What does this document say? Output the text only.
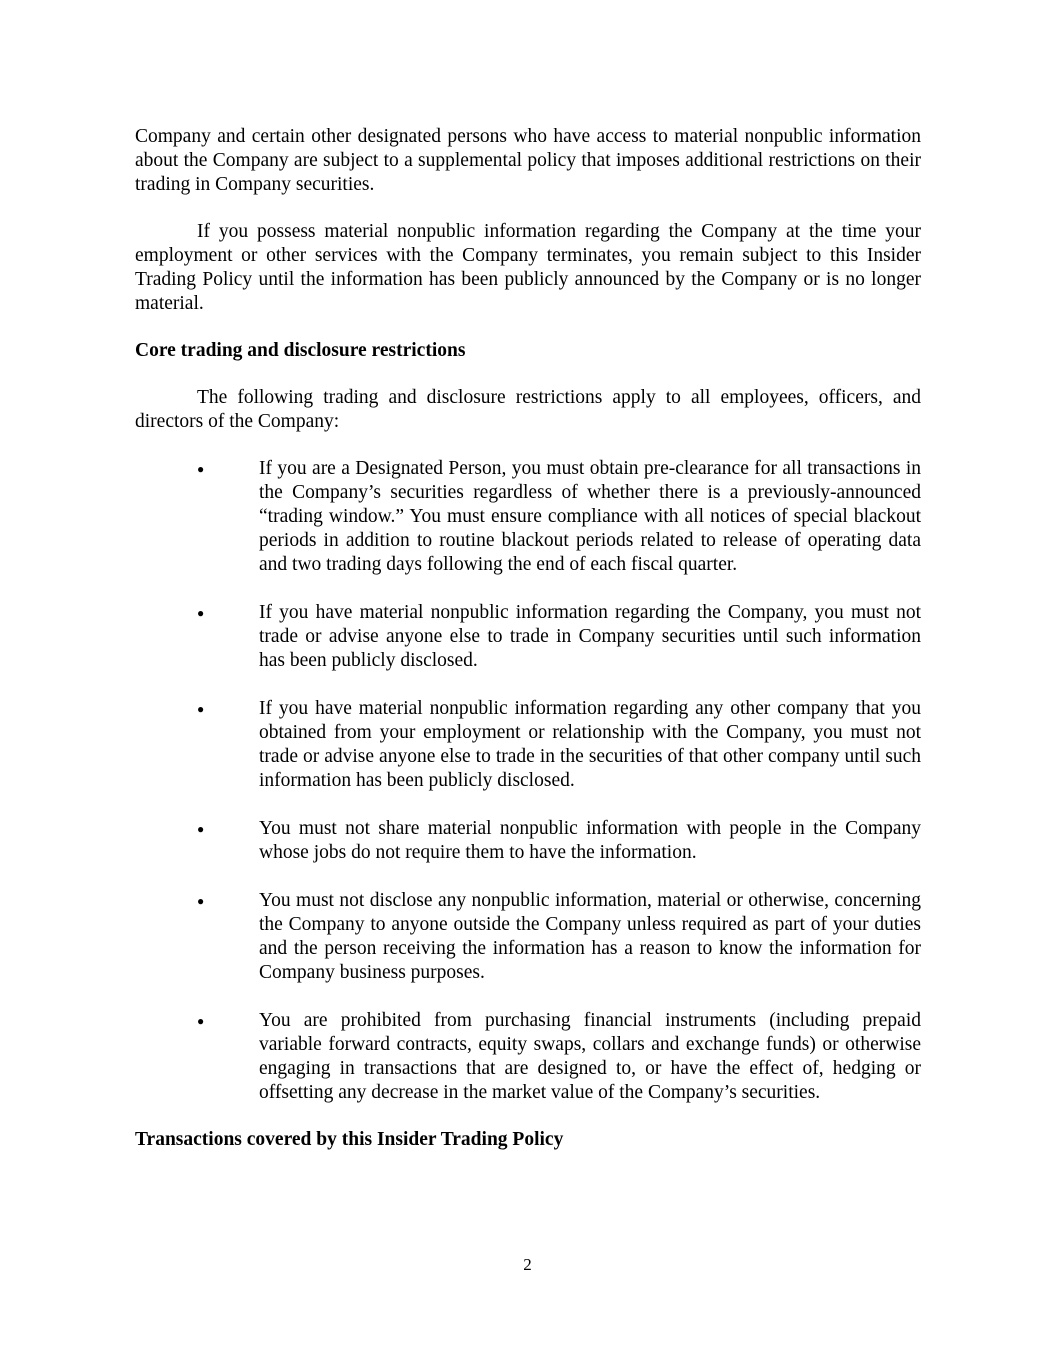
Company and certain other designated persons who have access to material nonpublic information about the Company are subject to a supplemental policy that imposes additional restrictions on their trading in Company securities.

If you possess material nonpublic information regarding the Company at the time your employment or other services with the Company terminates, you remain subject to this Insider Trading Policy until the information has been publicly announced by the Company or is no longer material.

Core trading and disclosure restrictions

The following trading and disclosure restrictions apply to all employees, officers, and directors of the Company:

●	If you are a Designated Person, you must obtain pre-clearance for all transactions in the Company’s securities regardless of whether there is a previously-announced “trading window.” You must ensure compliance with all notices of special blackout periods in addition to routine blackout periods related to release of operating data and two trading days following the end of each fiscal quarter.
●	If you have material nonpublic information regarding the Company, you must not trade or advise anyone else to trade in Company securities until such information has been publicly disclosed.
●	If you have material nonpublic information regarding any other company that you obtained from your employment or relationship with the Company, you must not trade or advise anyone else to trade in the securities of that other company until such information has been publicly disclosed.
●	You must not share material nonpublic information with people in the Company whose jobs do not require them to have the information.
●	You must not disclose any nonpublic information, material or otherwise, concerning the Company to anyone outside the Company unless required as part of your duties and the person receiving the information has a reason to know the information for Company business purposes.
●	You are prohibited from purchasing financial instruments (including prepaid variable forward contracts, equity swaps, collars and exchange funds) or otherwise engaging in transactions that are designed to, or have the effect of, hedging or offsetting any decrease in the market value of the Company’s securities.

Transactions covered by this Insider Trading Policy

2
